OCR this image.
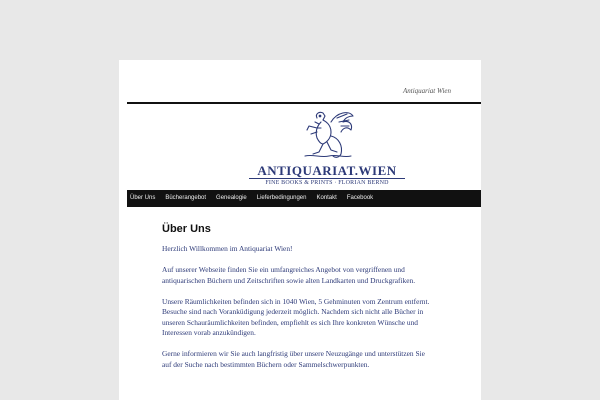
Antiquariat Wien
ANTIQUARIAT.WIEN
FINE BOOKS & PRINTS · FLORIAN BERND
Über Uns	Bücherangebot	Genealogie	Lieferbedingungen	Kontakt	Facebook
Über Uns

Herzlich Willkommen im Antiquariat Wien!

Auf unserer Webseite finden Sie ein umfangreiches Angebot von vergriffenen und antiquarischen Büchern und Zeitschriften sowie alten Landkarten und Druckgrafiken.

Unsere Räumlichkeiten befinden sich in 1040 Wien, 5 Gehminuten vom Zentrum entfernt. Besuche sind nach Voranküdigung jederzeit möglich. Nachdem sich nicht alle Bücher in unseren Schauräumlichkeiten befinden, empfiehlt es sich Ihre konkreten Wünsche und Interessen vorab anzukündigen.

Gerne informieren wir Sie auch langfristig über unsere Neuzugänge und unterstützen Sie auf der Suche nach bestimmten Büchern oder Sammelschwerpunkten.
